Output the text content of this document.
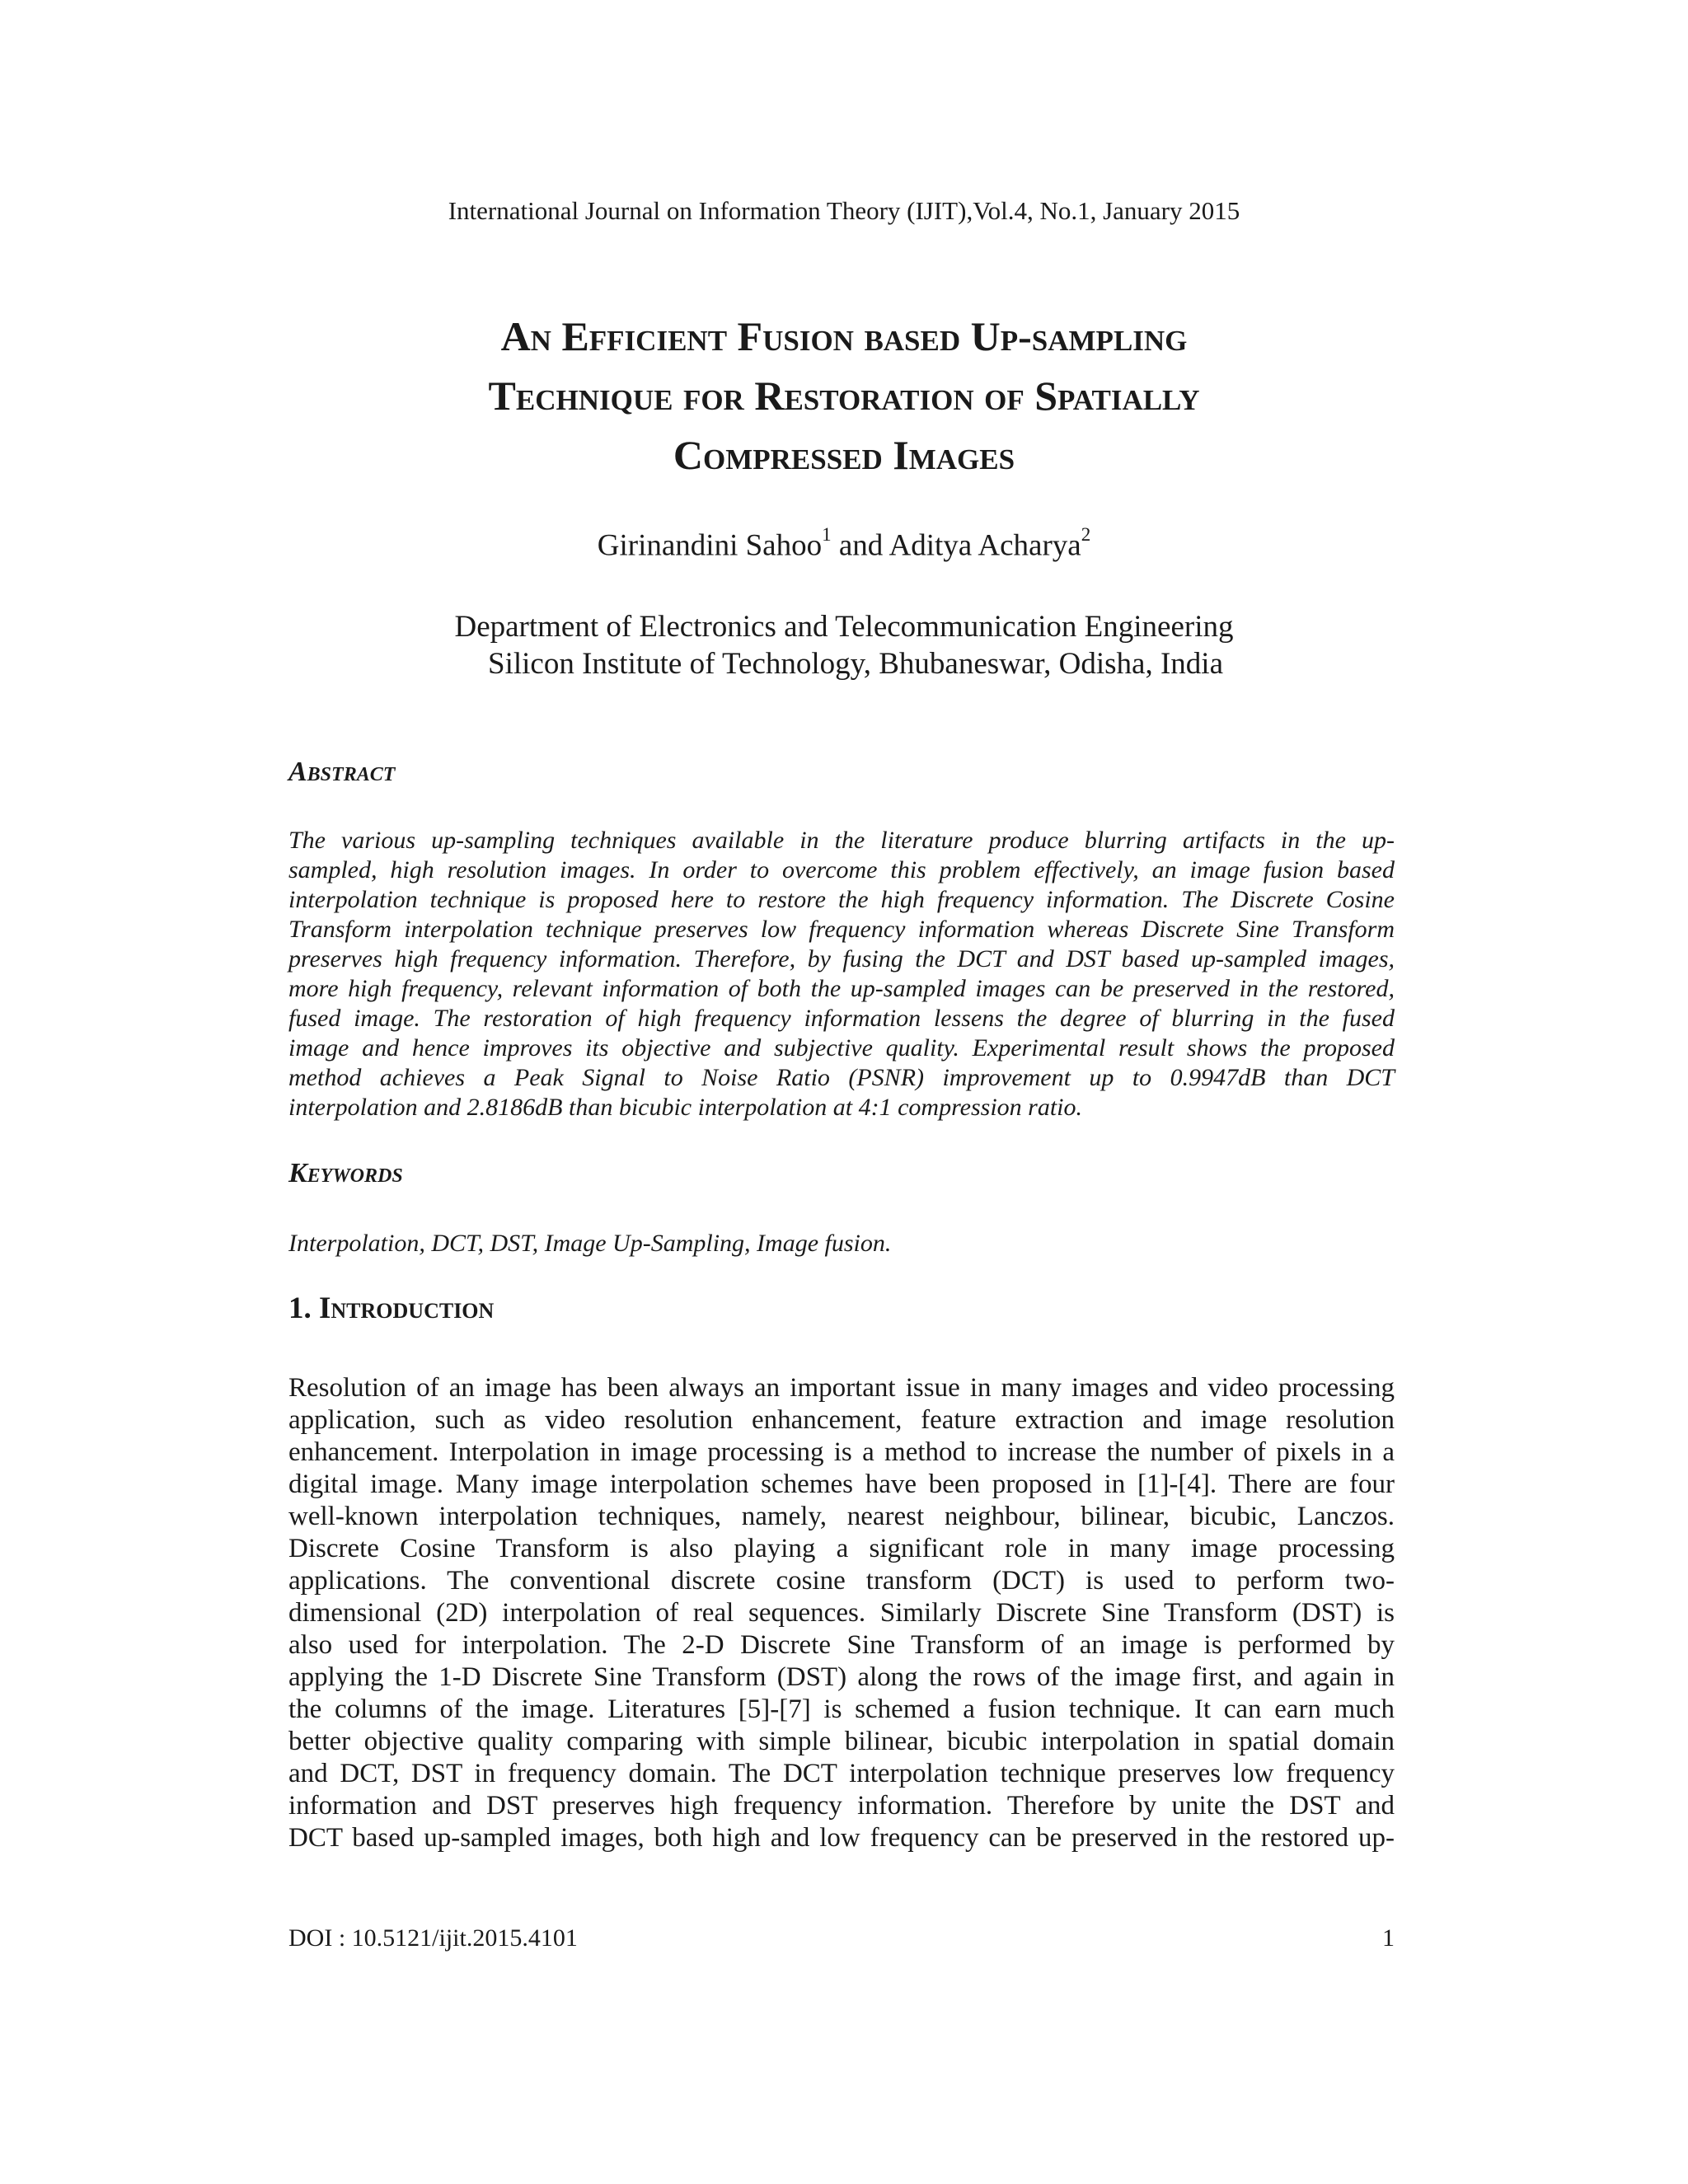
International Journal on Information Theory (IJIT),Vol.4, No.1, January 2015
An Efficient Fusion based Up-sampling
Technique for Restoration of Spatially
Compressed Images
Girinandini Sahoo$^1$ and Aditya Acharya$^2$
Department of Electronics and Telecommunication Engineering
Silicon Institute of Technology, Bhubaneswar, Odisha, India
Abstract
The various up-sampling techniques available in the literature produce blurring artifacts in the up-
sampled, high resolution images. In order to overcome this problem effectively, an image fusion based
interpolation technique is proposed here to restore the high frequency information. The Discrete Cosine
Transform interpolation technique preserves low frequency information whereas Discrete Sine Transform
preserves high frequency information. Therefore, by fusing the DCT and DST based up-sampled images,
more high frequency, relevant information of both the up-sampled images can be preserved in the restored,
fused image. The restoration of high frequency information lessens the degree of blurring in the fused
image and hence improves its objective and subjective quality. Experimental result shows the proposed
method achieves a Peak Signal to Noise Ratio (PSNR) improvement up to 0.9947dB than DCT
interpolation and 2.8186dB than bicubic interpolation at 4:1 compression ratio.
Keywords
Interpolation, DCT, DST, Image Up-Sampling, Image fusion.
1. Introduction
Resolution of an image has been always an important issue in many images and video processing
application, such as video resolution enhancement, feature extraction and image resolution
enhancement. Interpolation in image processing is a method to increase the number of pixels in a
digital image. Many image interpolation schemes have been proposed in [1]-[4]. There are four
well-known interpolation techniques, namely, nearest neighbour, bilinear, bicubic, Lanczos.
Discrete Cosine Transform is also playing a significant role in many image processing
applications. The conventional discrete cosine transform (DCT) is used to perform two-
dimensional (2D) interpolation of real sequences. Similarly Discrete Sine Transform (DST) is
also used for interpolation. The 2-D Discrete Sine Transform of an image is performed by
applying the 1-D Discrete Sine Transform (DST) along the rows of the image first, and again in
the columns of the image. Literatures [5]-[7] is schemed a fusion technique. It can earn much
better objective quality comparing with simple bilinear, bicubic interpolation in spatial domain
and DCT, DST in frequency domain. The DCT interpolation technique preserves low frequency
information and DST preserves high frequency information. Therefore by unite the DST and
DCT based up-sampled images, both high and low frequency can be preserved in the restored up-
DOI : 10.5121/ijit.2015.4101	1
